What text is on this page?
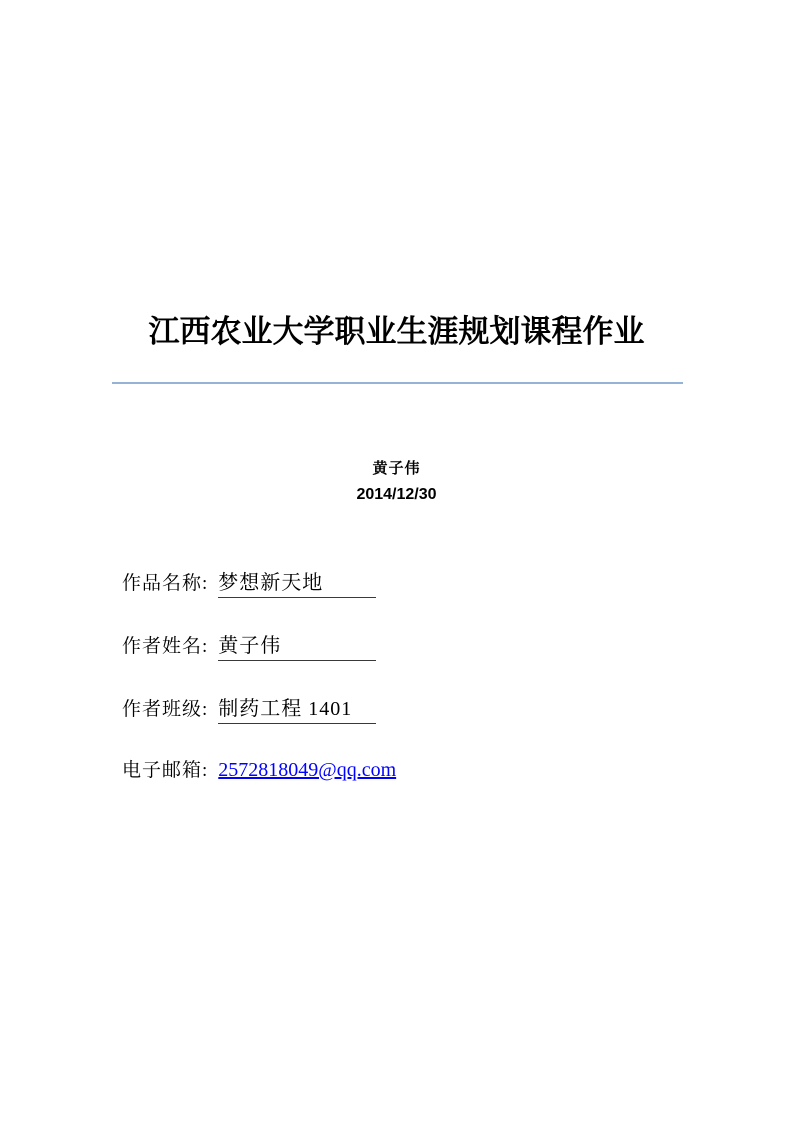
江西农业大学职业生涯规划课程作业
黄子伟
2014/12/30
作品名称: 梦想新天地
作者姓名: 黄子伟
作者班级: 制药工程 1401
电子邮箱: 2572818049@qq.com
